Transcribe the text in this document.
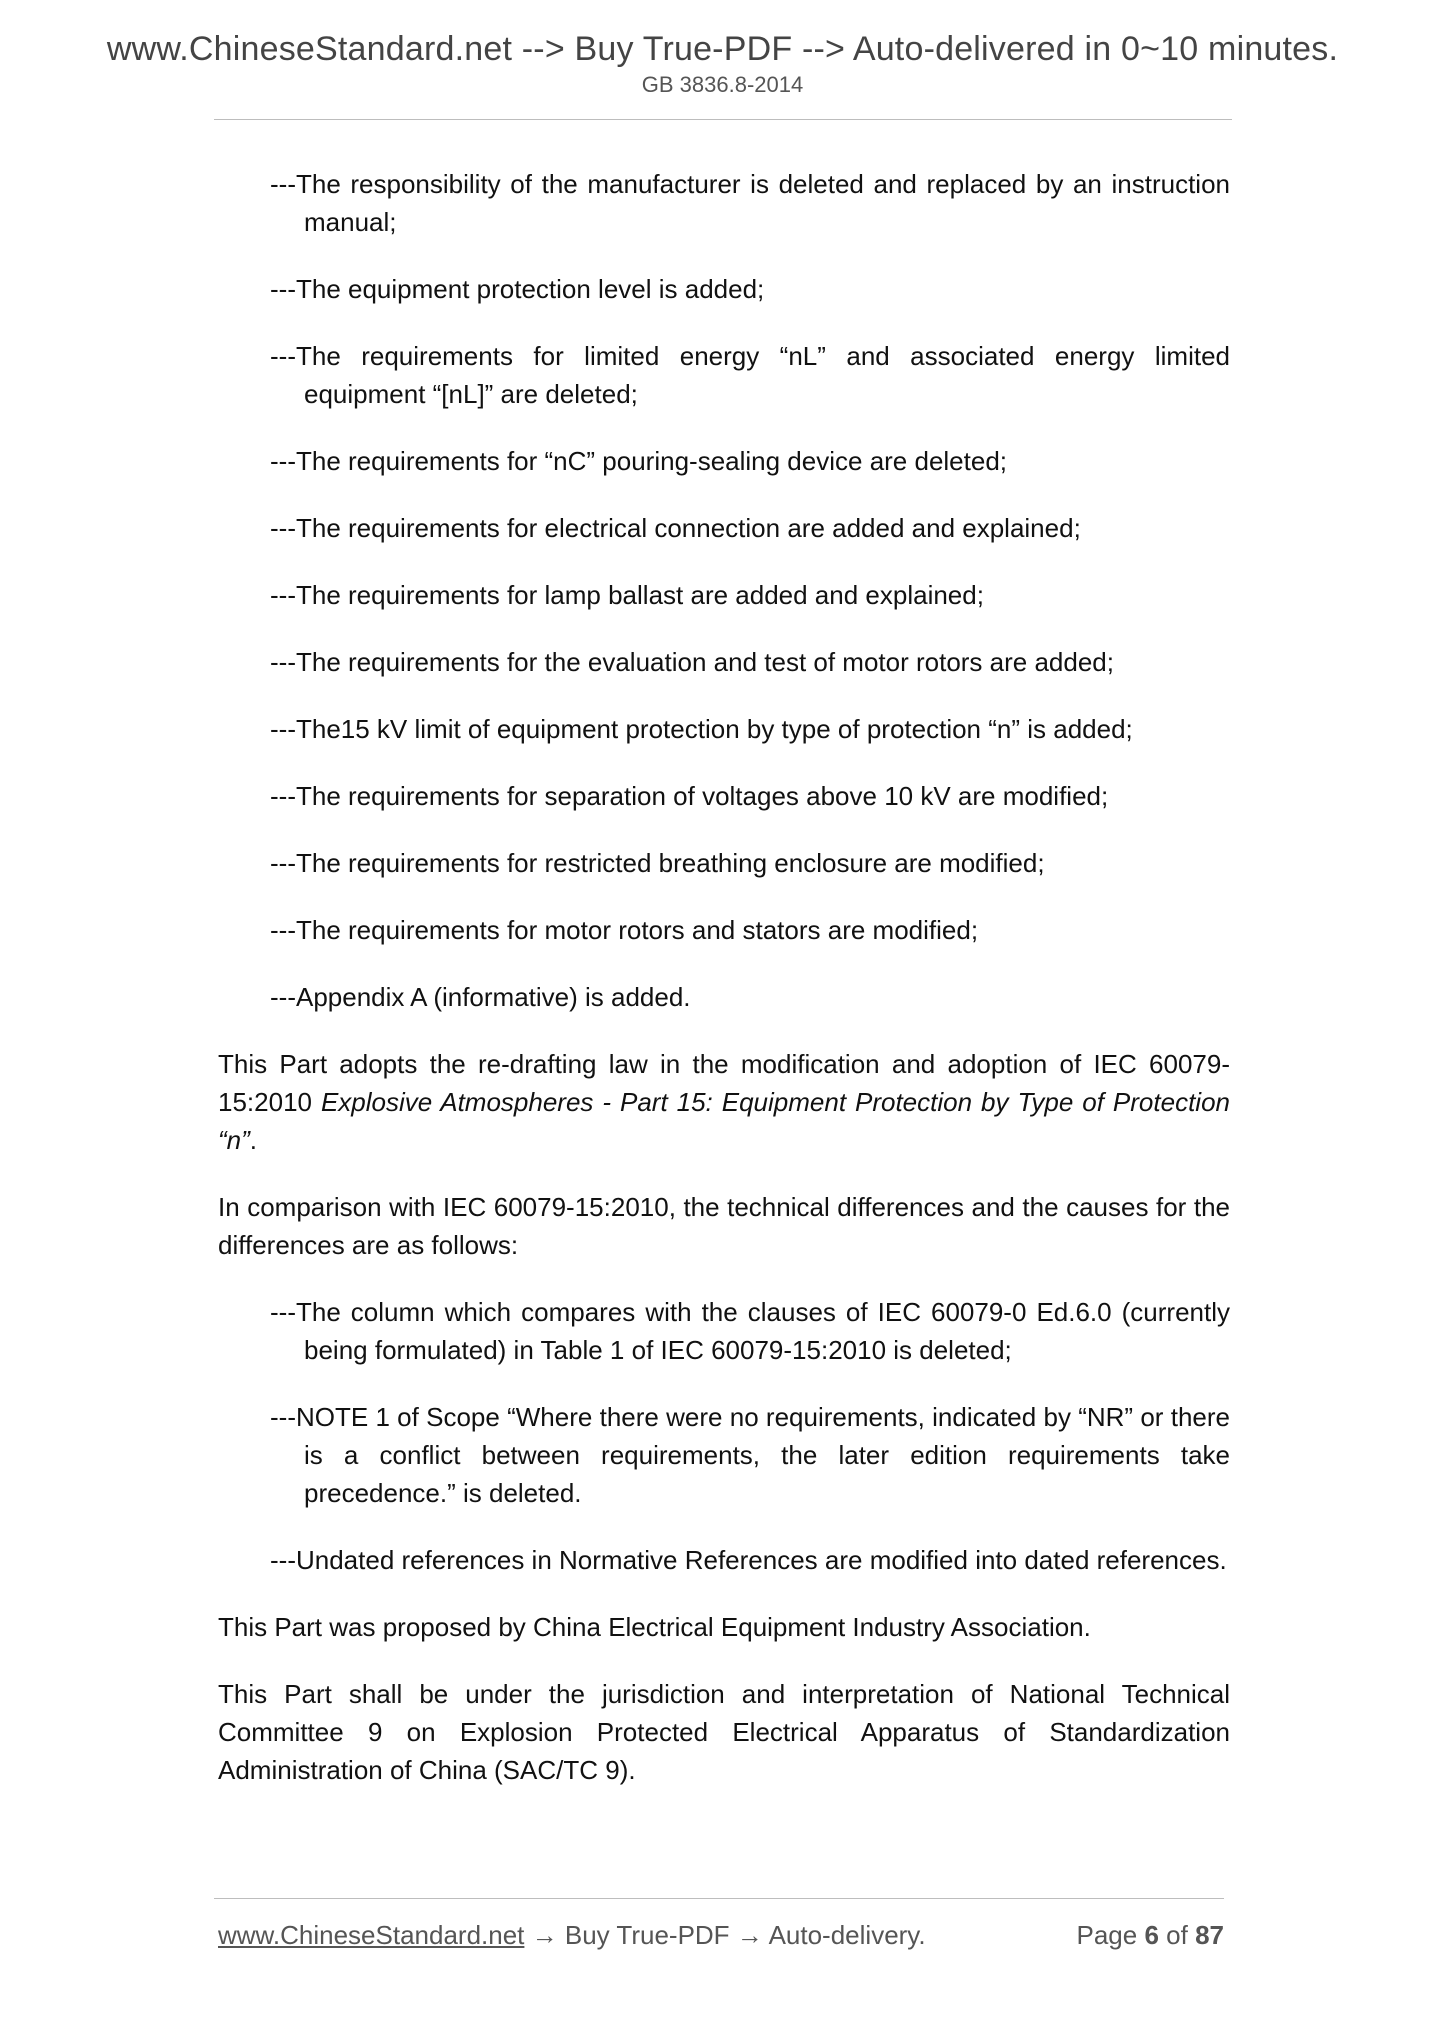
www.ChineseStandard.net --> Buy True-PDF --> Auto-delivered in 0~10 minutes.
GB 3836.8-2014

---The responsibility of the manufacturer is deleted and replaced by an instruction manual;

---The equipment protection level is added;

---The requirements for limited energy “nL” and associated energy limited equipment “[nL]” are deleted;

---The requirements for “nC” pouring-sealing device are deleted;

---The requirements for electrical connection are added and explained;

---The requirements for lamp ballast are added and explained;

---The requirements for the evaluation and test of motor rotors are added;

---The15 kV limit of equipment protection by type of protection “n” is added;

---The requirements for separation of voltages above 10 kV are modified;

---The requirements for restricted breathing enclosure are modified;

---The requirements for motor rotors and stators are modified;

---Appendix A (informative) is added.

This Part adopts the re-drafting law in the modification and adoption of IEC 60079-15:2010 Explosive Atmospheres - Part 15: Equipment Protection by Type of Protection “n”.

In comparison with IEC 60079-15:2010, the technical differences and the causes for the differences are as follows:

---The column which compares with the clauses of IEC 60079-0 Ed.6.0 (currently being formulated) in Table 1 of IEC 60079-15:2010 is deleted;

---NOTE 1 of Scope “Where there were no requirements, indicated by “NR” or there is a conflict between requirements, the later edition requirements take precedence.” is deleted.

---Undated references in Normative References are modified into dated references.

This Part was proposed by China Electrical Equipment Industry Association.

This Part shall be under the jurisdiction and interpretation of National Technical Committee 9 on Explosion Protected Electrical Apparatus of Standardization Administration of China (SAC/TC 9).

www.ChineseStandard.net → Buy True-PDF → Auto-delivery.	Page 6 of 87
